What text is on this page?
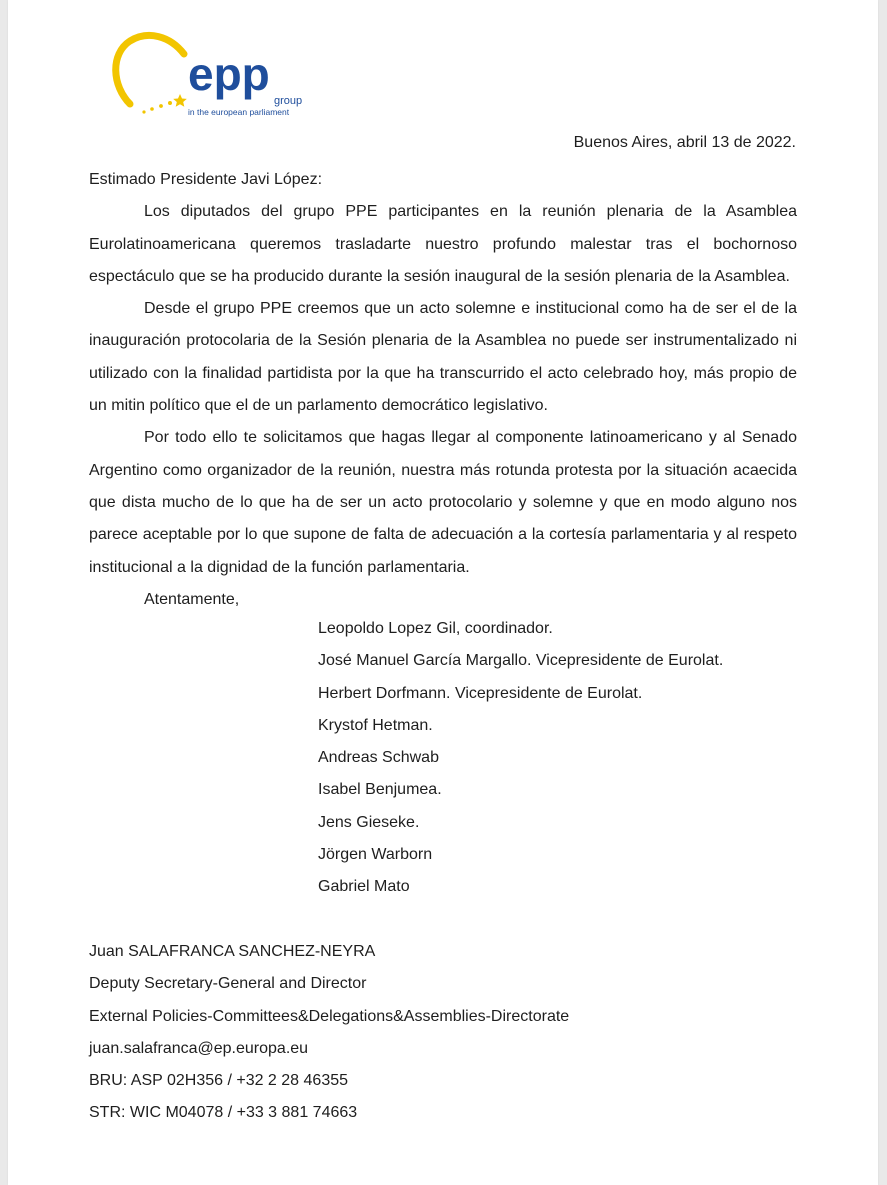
epp
group
in the european parliament
Buenos Aires, abril 13 de 2022.

Estimado Presidente Javi López:

Los diputados del grupo PPE participantes en la reunión plenaria de la Asamblea Eurolatinoamericana queremos trasladarte nuestro profundo malestar tras el bochornoso espectáculo que se ha producido durante la sesión inaugural de la sesión plenaria de la Asamblea.

Desde el grupo PPE creemos que un acto solemne e institucional como ha de ser el de la inauguración protocolaria de la Sesión plenaria de la Asamblea no puede ser instrumentalizado ni utilizado con la finalidad partidista por la que ha transcurrido el acto celebrado hoy, más propio de un mitin político que el de un parlamento democrático legislativo.

Por todo ello te solicitamos que hagas llegar al componente latinoamericano y al Senado Argentino como organizador de la reunión, nuestra más rotunda protesta por la situación acaecida que dista mucho de lo que ha de ser un acto protocolario y solemne y que en modo alguno nos parece aceptable por lo que supone de falta de adecuación a la cortesía parlamentaria y al respeto institucional a la dignidad de la función parlamentaria.

Atentamente,

Leopoldo Lopez Gil, coordinador.
José Manuel García Margallo. Vicepresidente de Eurolat.
Herbert Dorfmann. Vicepresidente de Eurolat.
Krystof Hetman.
Andreas Schwab
Isabel Benjumea.
Jens Gieseke.
Jörgen Warborn
Gabriel Mato
Juan SALAFRANCA SANCHEZ-NEYRA
Deputy Secretary-General and Director
External Policies-Committees&Delegations&Assemblies-Directorate
juan.salafranca@ep.europa.eu
BRU: ASP 02H356 / +32 2 28 46355
STR: WIC M04078 / +33 3 881 74663
